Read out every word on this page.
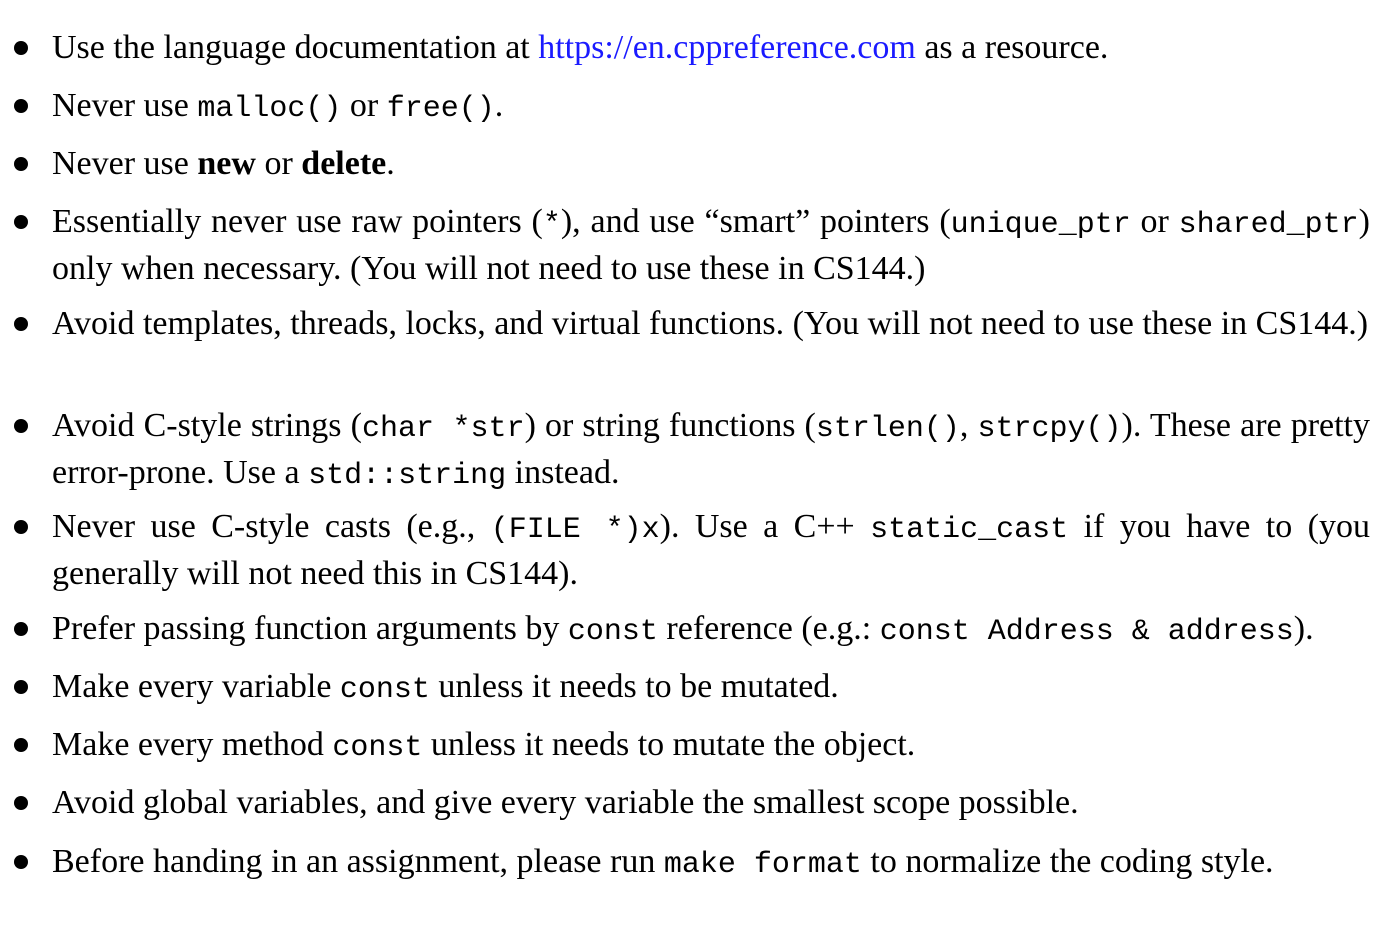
Use the language documentation at https://en.cppreference.com as a resource.
Never use malloc() or free().
Never use new or delete.
Essentially never use raw pointers (*), and use “smart” pointers (unique_ptr or shared_ptr) only when necessary. (You will not need to use these in CS144.)
Avoid templates, threads, locks, and virtual functions. (You will not need to use these in CS144.)
Avoid C-style strings (char *str) or string functions (strlen(), strcpy()). These are pretty error-prone. Use a std::string instead.
Never use C-style casts (e.g., (FILE *)x). Use a C++ static_cast if you have to (you generally will not need this in CS144).
Prefer passing function arguments by const reference (e.g.: const Address & address).
Make every variable const unless it needs to be mutated.
Make every method const unless it needs to mutate the object.
Avoid global variables, and give every variable the smallest scope possible.
Before handing in an assignment, please run make format to normalize the coding style.
